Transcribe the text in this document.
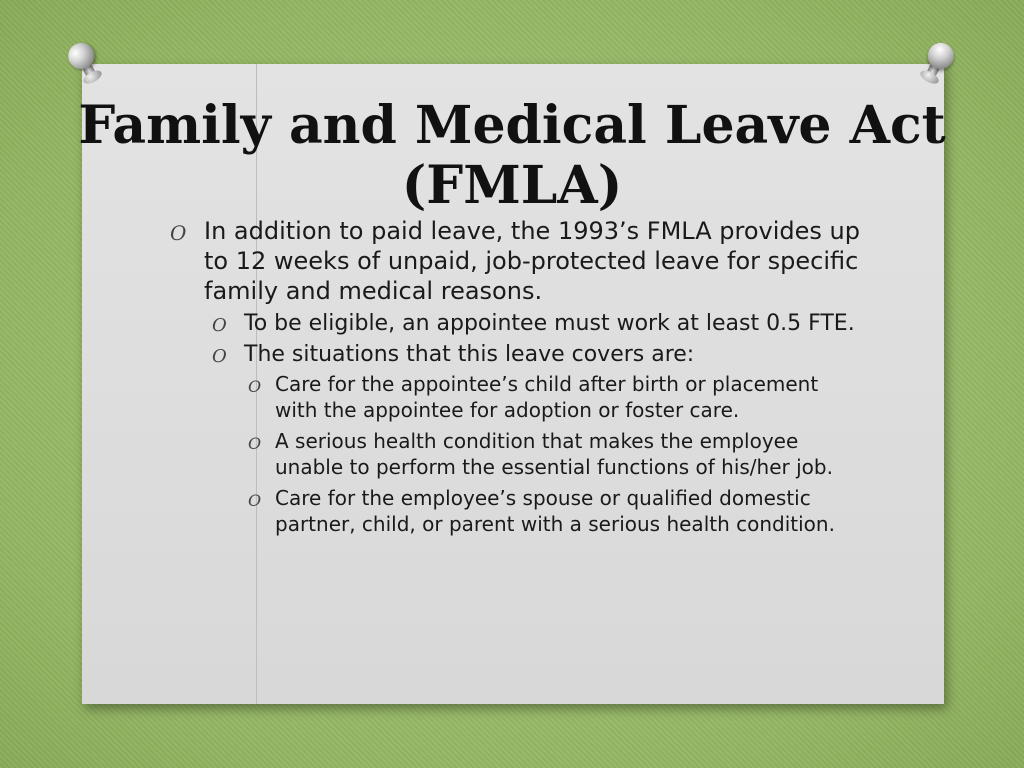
Family and Medical Leave Act
(FMLA)
O In addition to paid leave, the 1993’s FMLA provides up to 12 weeks of unpaid, job-protected leave for specific family and medical reasons.
O To be eligible, an appointee must work at least 0.5 FTE.
O The situations that this leave covers are:
O Care for the appointee’s child after birth or placement with the appointee for adoption or foster care.
O A serious health condition that makes the employee unable to perform the essential functions of his/her job.
O Care for the employee’s spouse or qualified domestic partner, child, or parent with a serious health condition.
